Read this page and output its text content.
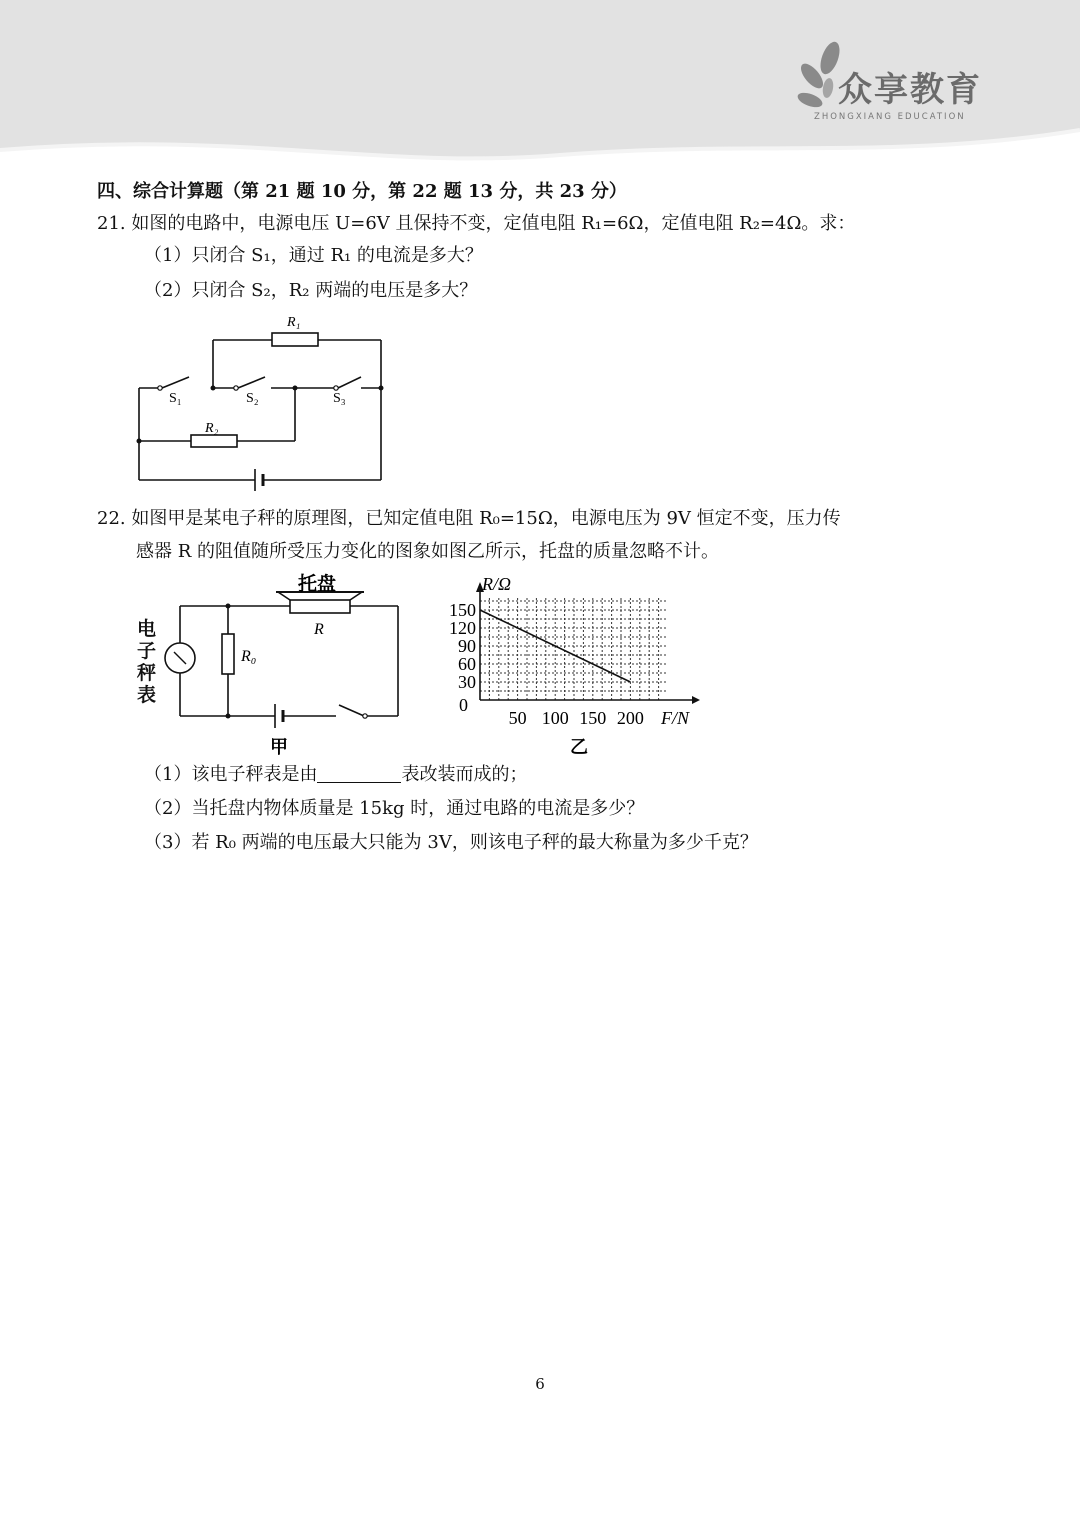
众享教育
ZHONGXIANG EDUCATION
四、综合计算题（第 21 题 10 分，第 22 题 13 分，共 23 分）
21. 如图的电路中，电源电压 U=6V 且保持不变，定值电阻 R₁=6Ω，定值电阻 R₂=4Ω。求：
（1）只闭合 S₁，通过 R₁ 的电流是多大？
（2）只闭合 S₂，R₂ 两端的电压是多大？
R₁
R₂
S₁	S₂	S₃
22. 如图甲是某电子秤的原理图，已知定值电阻 R₀=15Ω，电源电压为 9V 恒定不变，压力传
感器 R 的阻值随所受压力变化的图象如图乙所示，托盘的质量忽略不计。
托盘
R
R₀
甲
电子秤表
30
60
90
120
150
50 100 150 200
0
R/Ω
F/N
乙
（1）该电子秤表是由	表改装而成的；
（2）当托盘内物体质量是 15kg 时，通过电路的电流是多少？
（3）若 R₀ 两端的电压最大只能为 3V，则该电子秤的最大称量为多少千克？
6
